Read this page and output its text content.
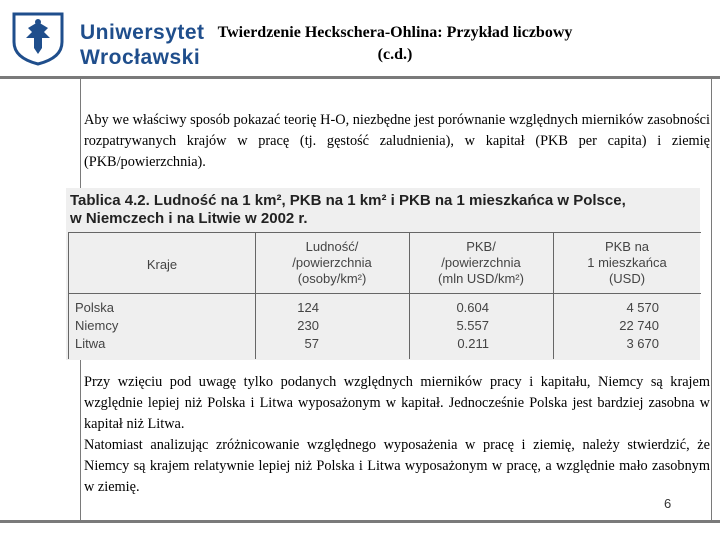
Uniwersytet
Wrocławski
Twierdzenie Heckschera-Ohlina: Przykład liczbowy (c.d.)
Aby we właściwy sposób pokazać teorię H-O, niezbędne jest porównanie względnych mierników zasobności rozpatrywanych krajów w pracę (tj. gęstość zaludnienia), w kapitał (PKB per capita) i ziemię (PKB/powierzchnia).
Tablica 4.2. Ludność na 1 km², PKB na 1 km² i PKB na 1 mieszkańca w Polsce,
w Niemczech i na Litwie w 2002 r.
Kraje
Ludność/
/powierzchnia
(osoby/km²)
PKB/
/powierzchnia
(mln USD/km²)
PKB na
1 mieszkańca
(USD)
Polska
Niemcy
Litwa
124
230
57
0.604
5.557
0.211
4 570
22 740
3 670

Przy wzięciu pod uwagę tylko podanych względnych mierników pracy i kapitału, Niemcy są krajem względnie lepiej niż Polska i Litwa wyposażonym w kapitał. Jednocześnie Polska jest bardziej zasobna w kapitał niż Litwa.

Natomiast analizując zróżnicowanie względnego wyposażenia w pracę i ziemię, należy stwierdzić, że Niemcy są krajem relatywnie lepiej niż Polska i Litwa wyposażonym w pracę, a względnie mało zasobnym w ziemię.

6
